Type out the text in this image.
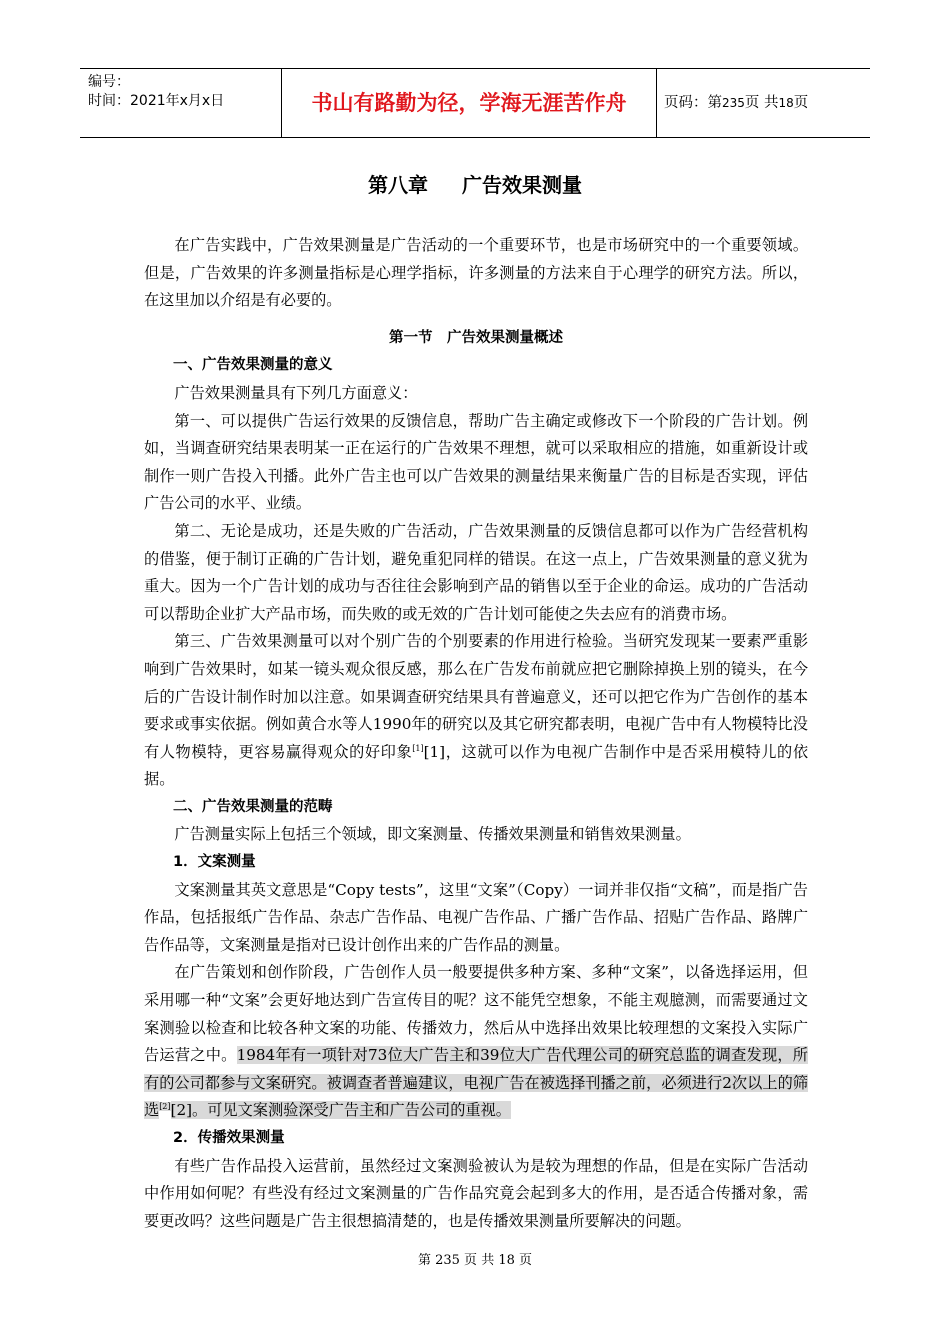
编号：
时间：2021年x月x日	书山有路勤为径，学海无涯苦作舟	页码：第235页 共18页
第八章 广告效果测量

在广告实践中，广告效果测量是广告活动的一个重要环节，也是市场研究中的一个重要领域。但是，广告效果的许多测量指标是心理学指标，许多测量的方法来自于心理学的研究方法。所以，在这里加以介绍是有必要的。

第一节　广告效果测量概述
一、广告效果测量的意义

广告效果测量具有下列几方面意义：

第一、可以提供广告运行效果的反馈信息，帮助广告主确定或修改下一个阶段的广告计划。例如，当调查研究结果表明某一正在运行的广告效果不理想，就可以采取相应的措施，如重新设计或制作一则广告投入刊播。此外广告主也可以广告效果的测量结果来衡量广告的目标是否实现，评估广告公司的水平、业绩。

第二、无论是成功，还是失败的广告活动，广告效果测量的反馈信息都可以作为广告经营机构的借鉴，便于制订正确的广告计划，避免重犯同样的错误。在这一点上，广告效果测量的意义犹为重大。因为一个广告计划的成功与否往往会影响到产品的销售以至于企业的命运。成功的广告活动可以帮助企业扩大产品市场，而失败的或无效的广告计划可能使之失去应有的消费市场。

第三、广告效果测量可以对个别广告的个别要素的作用进行检验。当研究发现某一要素严重影响到广告效果时，如某一镜头观众很反感，那么在广告发布前就应把它删除掉换上别的镜头，在今后的广告设计制作时加以注意。如果调查研究结果具有普遍意义，还可以把它作为广告创作的基本要求或事实依据。例如黄合水等人1990年的研究以及其它研究都表明，电视广告中有人物模特比没有人物模特，更容易赢得观众的好印象[1][1]，这就可以作为电视广告制作中是否采用模特儿的依据。

二、广告效果测量的范畴

广告测量实际上包括三个领域，即文案测量、传播效果测量和销售效果测量。

1．文案测量

文案测量其英文意思是“Copy tests”，这里“文案”（Copy）一词并非仅指“文稿”，而是指广告作品，包括报纸广告作品、杂志广告作品、电视广告作品、广播广告作品、招贴广告作品、路牌广告作品等，文案测量是指对已设计创作出来的广告作品的测量。

在广告策划和创作阶段，广告创作人员一般要提供多种方案、多种“文案”，以备选择运用，但采用哪一种“文案”会更好地达到广告宣传目的呢？这不能凭空想象，不能主观臆测，而需要通过文案测验以检查和比较各种文案的功能、传播效力，然后从中选择出效果比较理想的文案投入实际广告运营之中。1984年有一项针对73位大广告主和39位大广告代理公司的研究总监的调查发现，所有的公司都参与文案研究。被调查者普遍建议，电视广告在被选择刊播之前，必须进行2次以上的筛选[2][2]。可见文案测验深受广告主和广告公司的重视。

2．传播效果测量

有些广告作品投入运营前，虽然经过文案测验被认为是较为理想的作品，但是在实际广告活动中作用如何呢？有些没有经过文案测量的广告作品究竟会起到多大的作用，是否适合传播对象，需要更改吗？这些问题是广告主很想搞清楚的，也是传播效果测量所要解决的问题。

第 235 页 共 18 页
